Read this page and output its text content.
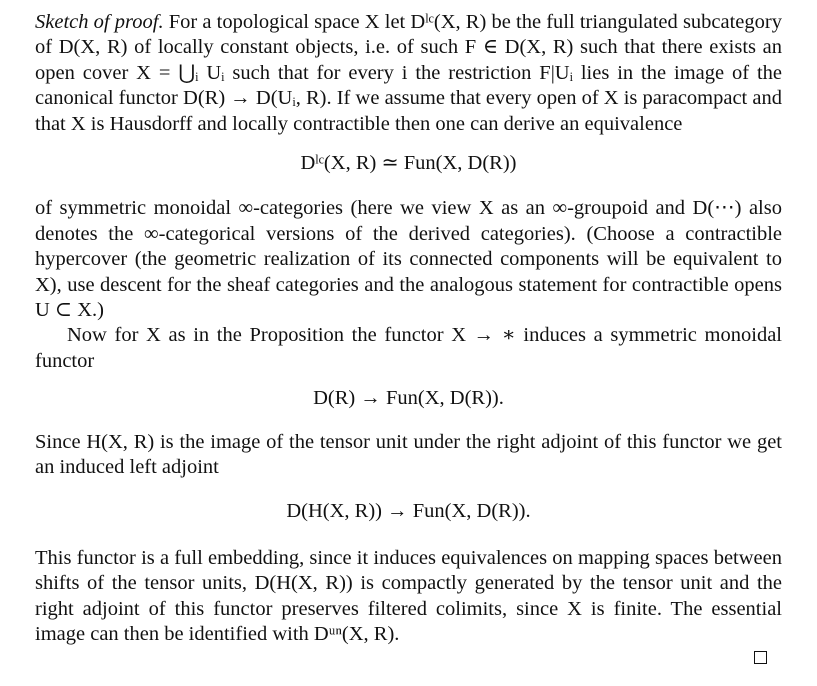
Sketch of proof. For a topological space X let Dˡᶜ(X, R) be the full triangulated subcategory of D(X, R) of locally constant objects, i.e. of such F ∈ D(X, R) such that there exists an open cover X = ⋃ᵢ Uᵢ such that for every i the restriction F|Uᵢ lies in the image of the canonical functor D(R) → D(Uᵢ, R). If we assume that every open of X is paracompact and that X is Hausdorff and locally contractible then one can derive an equivalence

Dˡᶜ(X, R) ≃ Fun(X, D(R))

of symmetric monoidal ∞-categories (here we view X as an ∞-groupoid and D(⋯) also denotes the ∞-categorical versions of the derived categories). (Choose a contractible hypercover (the geometric realization of its connected components will be equivalent to X), use descent for the sheaf categories and the analogous statement for contractible opens U ⊂ X.)

Now for X as in the Proposition the functor X → ∗ induces a symmetric monoidal functor

D(R) → Fun(X, D(R)).

Since H(X, R) is the image of the tensor unit under the right adjoint of this functor we get an induced left adjoint

D(H(X, R)) → Fun(X, D(R)).

This functor is a full embedding, since it induces equivalences on mapping spaces between shifts of the tensor units, D(H(X, R)) is compactly generated by the tensor unit and the right adjoint of this functor preserves filtered colimits, since X is finite. The essential image can then be identified with Dᵘⁿ(X, R).
